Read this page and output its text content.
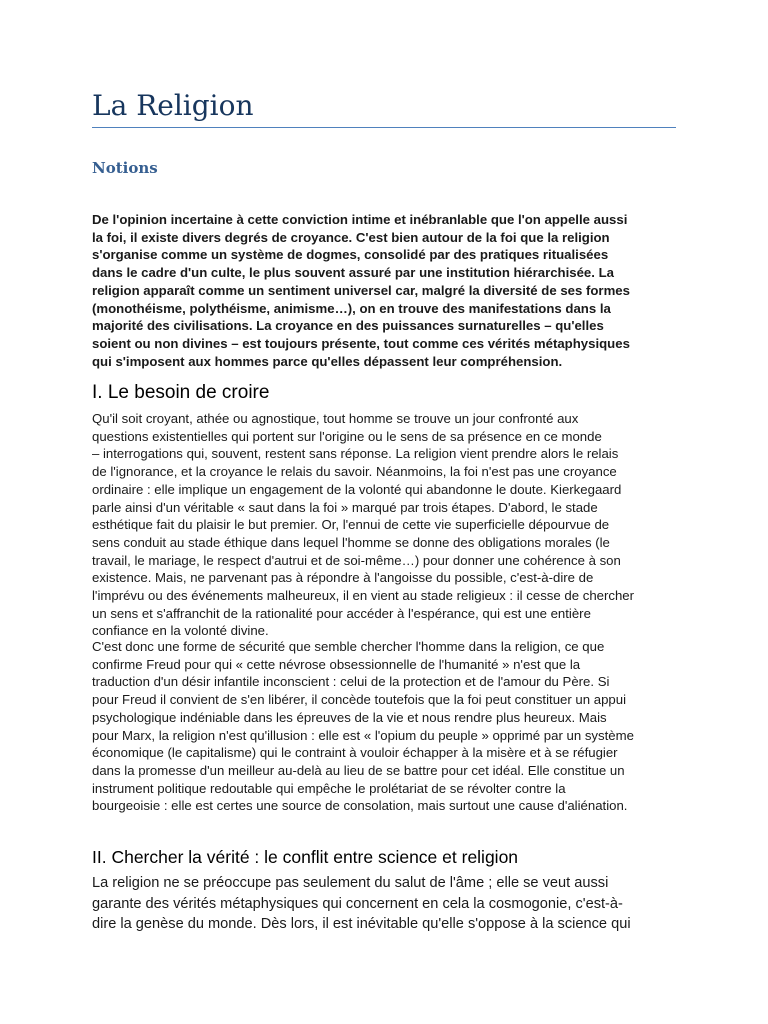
La Religion
Notions

De l'opinion incertaine à cette conviction intime et inébranlable que l'on appelle aussi
la foi, il existe divers degrés de croyance. C'est bien autour de la foi que la religion
s'organise comme un système de dogmes, consolidé par des pratiques ritualisées
dans le cadre d'un culte, le plus souvent assuré par une institution hiérarchisée. La
religion apparaît comme un sentiment universel car, malgré la diversité de ses formes
(monothéisme, polythéisme, animisme…), on en trouve des manifestations dans la
majorité des civilisations. La croyance en des puissances surnaturelles – qu'elles
soient ou non divines – est toujours présente, tout comme ces vérités métaphysiques
qui s'imposent aux hommes parce qu'elles dépassent leur compréhension.

I. Le besoin de croire

Qu'il soit croyant, athée ou agnostique, tout homme se trouve un jour confronté aux
questions existentielles qui portent sur l'origine ou le sens de sa présence en ce monde
– interrogations qui, souvent, restent sans réponse. La religion vient prendre alors le relais
de l'ignorance, et la croyance le relais du savoir. Néanmoins, la foi n'est pas une croyance
ordinaire : elle implique un engagement de la volonté qui abandonne le doute. Kierkegaard
parle ainsi d'un véritable « saut dans la foi » marqué par trois étapes. D'abord, le stade
esthétique fait du plaisir le but premier. Or, l'ennui de cette vie superficielle dépourvue de
sens conduit au stade éthique dans lequel l'homme se donne des obligations morales (le
travail, le mariage, le respect d'autrui et de soi-même…) pour donner une cohérence à son
existence. Mais, ne parvenant pas à répondre à l'angoisse du possible, c'est-à-dire de
l'imprévu ou des événements malheureux, il en vient au stade religieux : il cesse de chercher
un sens et s'affranchit de la rationalité pour accéder à l'espérance, qui est une entière
confiance en la volonté divine.

C'est donc une forme de sécurité que semble chercher l'homme dans la religion, ce que
confirme Freud pour qui « cette névrose obsessionnelle de l'humanité » n'est que la
traduction d'un désir infantile inconscient : celui de la protection et de l'amour du Père. Si
pour Freud il convient de s'en libérer, il concède toutefois que la foi peut constituer un appui
psychologique indéniable dans les épreuves de la vie et nous rendre plus heureux. Mais
pour Marx, la religion n'est qu'illusion : elle est « l'opium du peuple » opprimé par un système
économique (le capitalisme) qui le contraint à vouloir échapper à la misère et à se réfugier
dans la promesse d'un meilleur au-delà au lieu de se battre pour cet idéal. Elle constitue un
instrument politique redoutable qui empêche le prolétariat de se révolter contre la
bourgeoisie : elle est certes une source de consolation, mais surtout une cause d'aliénation.

II. Chercher la vérité : le conflit entre science et religion

La religion ne se préoccupe pas seulement du salut de l'âme ; elle se veut aussi
garante des vérités métaphysiques qui concernent en cela la cosmogonie, c'est-à-
dire la genèse du monde. Dès lors, il est inévitable qu'elle s'oppose à la science qui
